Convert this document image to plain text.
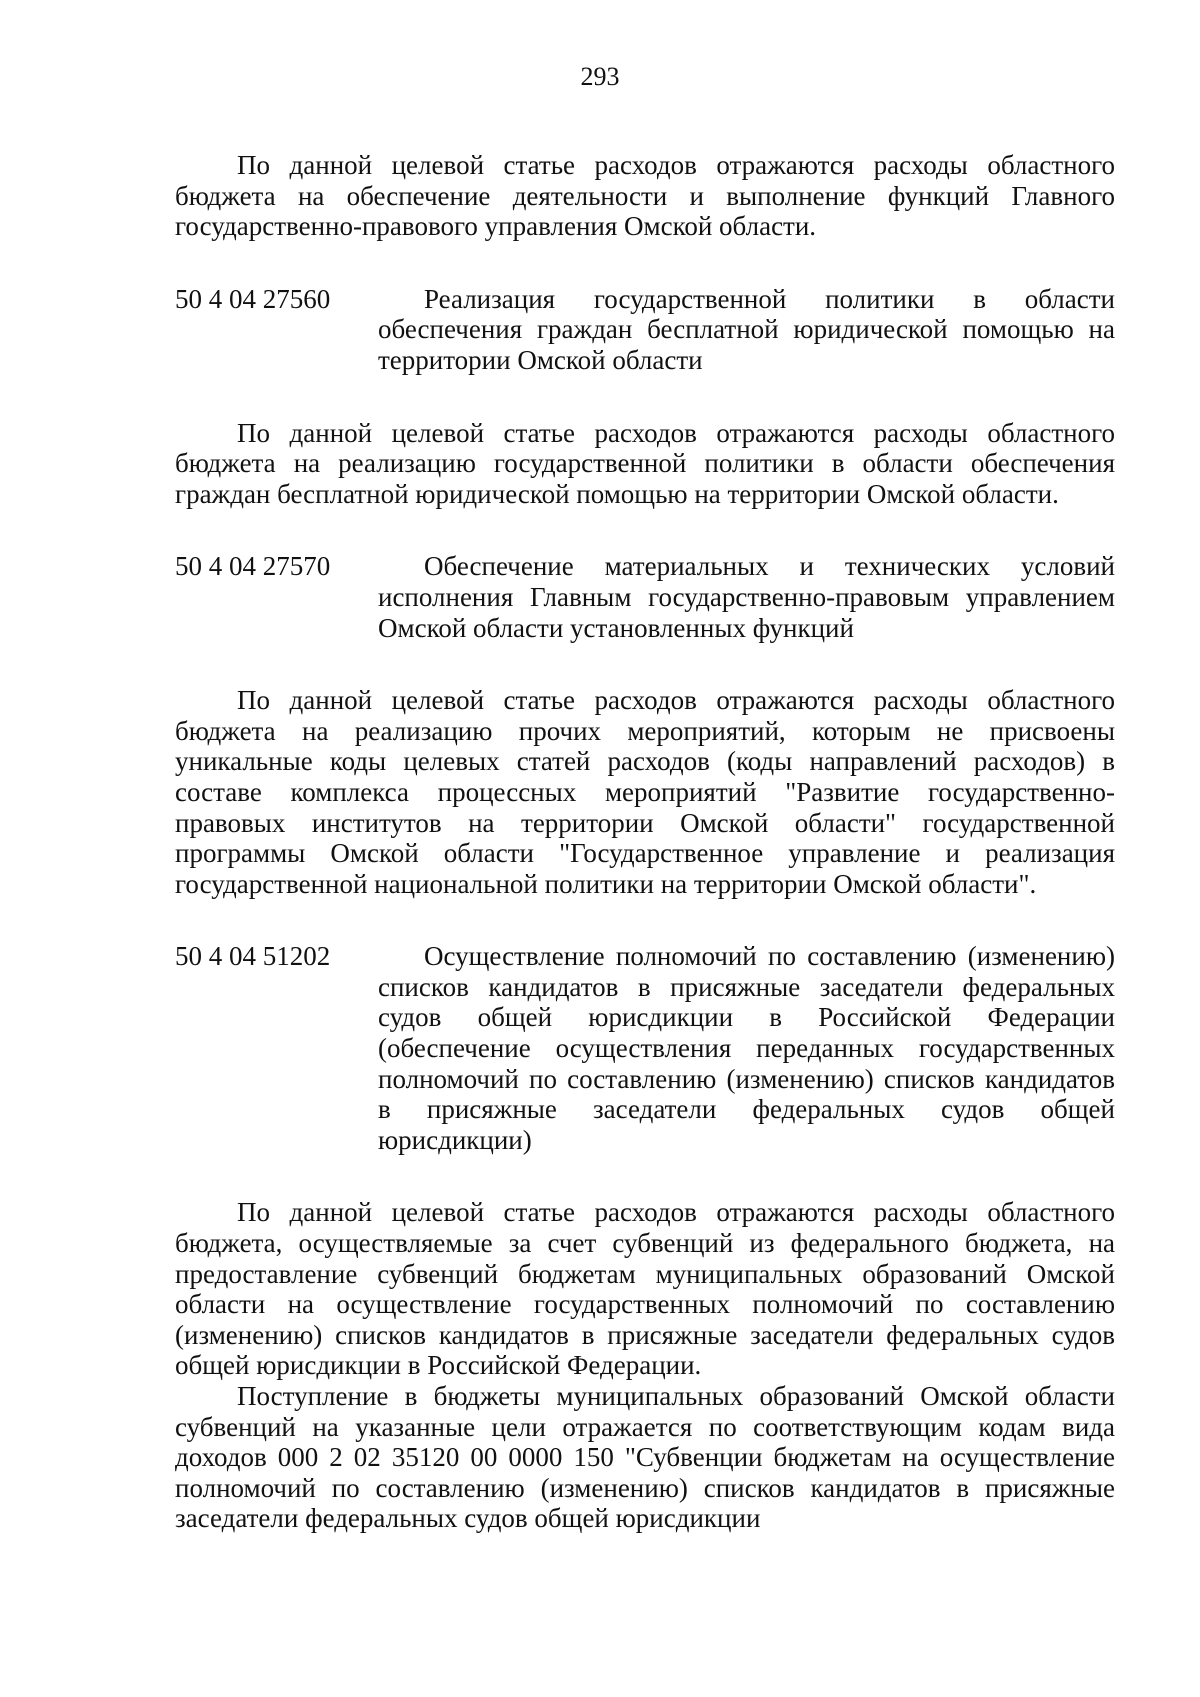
293

По данной целевой статье расходов отражаются расходы областного бюджета на обеспечение деятельности и выполнение функций Главного государственно-правового управления Омской области.

50 4 04 27560	Реализация государственной политики в области обеспечения граждан бесплатной юридической помощью на территории Омской области

По данной целевой статье расходов отражаются расходы областного бюджета на реализацию государственной политики в области обеспечения граждан бесплатной юридической помощью на территории Омской области.

50 4 04 27570	Обеспечение материальных и технических условий исполнения Главным государственно-правовым управлением Омской области установленных функций

По данной целевой статье расходов отражаются расходы областного бюджета на реализацию прочих мероприятий, которым не присвоены уникальные коды целевых статей расходов (коды направлений расходов) в составе комплекса процессных мероприятий "Развитие государственно-правовых институтов на территории Омской области" государственной программы Омской области "Государственное управление и реализация государственной национальной политики на территории Омской области".

50 4 04 51202	Осуществление полномочий по составлению (изменению) списков кандидатов в присяжные заседатели федеральных судов общей юрисдикции в Российской Федерации (обеспечение осуществления переданных государственных полномочий по составлению (изменению) списков кандидатов в присяжные заседатели федеральных судов общей юрисдикции)

По данной целевой статье расходов отражаются расходы областного бюджета, осуществляемые за счет субвенций из федерального бюджета, на предоставление субвенций бюджетам муниципальных образований Омской области на осуществление государственных полномочий по составлению (изменению) списков кандидатов в присяжные заседатели федеральных судов общей юрисдикции в Российской Федерации.

Поступление в бюджеты муниципальных образований Омской области субвенций на указанные цели отражается по соответствующим кодам вида доходов 000 2 02 35120 00 0000 150 "Субвенции бюджетам на осуществление полномочий по составлению (изменению) списков кандидатов в присяжные заседатели федеральных судов общей юрисдикции
